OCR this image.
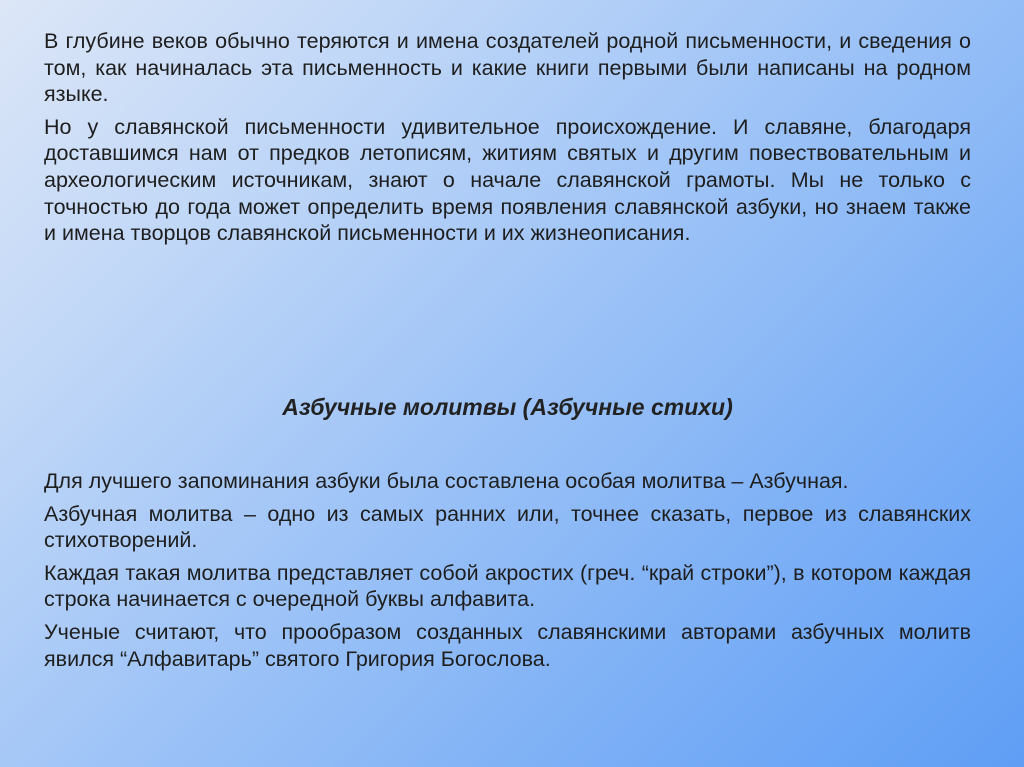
В глубине веков обычно теряются и имена создателей родной письменности, и сведения о том, как начиналась эта письменность и какие книги первыми были написаны на родном языке.

Но у славянской письменности удивительное происхождение. И славяне, благодаря доставшимся нам от предков летописям, житиям святых и другим повествовательным и археологическим источникам, знают о начале славянской грамоты. Мы не только с точностью до года может определить время появления славянской азбуки, но знаем также и имена творцов славянской письменности и их жизнеописания.

Азбучные молитвы (Азбучные стихи)

Для лучшего запоминания азбуки была составлена особая молитва – Азбучная.

Азбучная молитва – одно из самых ранних или, точнее сказать, первое из славянских стихотворений.

Каждая такая молитва представляет собой акростих (греч. “край строки”), в котором каждая строка начинается с очередной буквы алфавита.

Ученые считают, что прообразом созданных славянскими авторами азбучных молитв явился “Алфавитарь” святого Григория Богослова.
